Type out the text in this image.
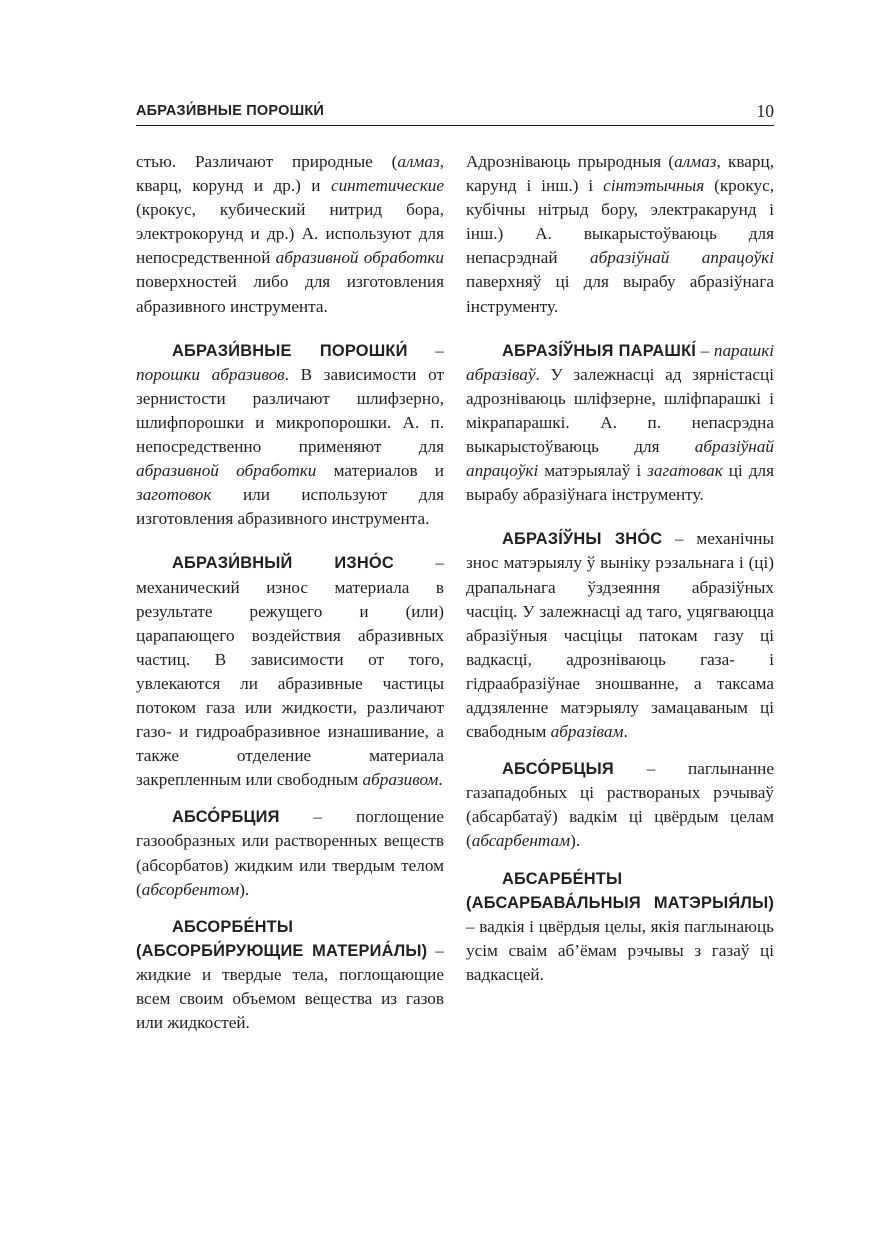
АБРАЗИ́ВНЫЕ ПОРОШКИ́	10

стью. Различают природные (алмаз, кварц, корунд и др.) и синтетические (крокус, кубический нитрид бора, электрокорунд и др.) А. используют для непосредственной абразивной обработки поверхностей либо для изготовления абразивного инструмента.

АБРАЗИ́ВНЫЕ ПОРОШКИ́ – порошки абразивов. В зависимости от зернистости различают шлифзерно, шлифпорошки и микропорошки. А. п. непосредственно применяют для абразивной обработки материалов и заготовок или используют для изготовления абразивного инструмента.

АБРАЗИ́ВНЫЙ ИЗНО́С – механический износ материала в результате режущего и (или) царапающего воздействия абразивных частиц. В зависимости от того, увлекаются ли абразивные частицы потоком газа или жидкости, различают газо- и гидроабразивное изнашивание, а также отделение материала закрепленным или свободным абразивом.

АБСО́РБЦИЯ – поглощение газообразных или растворенных веществ (абсорбатов) жидким или твердым телом (абсорбентом).

АБСОРБЕ́НТЫ (АБСОРБИ́РУЮЩИЕ МАТЕРИА́ЛЫ) – жидкие и твердые тела, поглощающие всем своим объемом вещества из газов или жидкостей.

Адрозніваюць прыродныя (алмаз, кварц, карунд і інш.) і сінтэтычныя (крокус, кубічны нітрыд бору, электракарунд і інш.) А. выкарыстоўваюць для непасрэднай абразіўнай апрацоўкі паверхняў ці для вырабу абразіўнага інструменту.

АБРАЗІ́ЎНЫЯ ПАРАШКІ́ – парашкі абразіваў. У залежнасці ад зярністасці адрозніваюць шліфзерне, шліфпарашкі і мікрапарашкі. А. п. непасрэдна выкарыстоўваюць для абразіўнай апрацоўкі матэрыялаў і загатовак ці для вырабу абразіўнага інструменту.

АБРАЗІ́ЎНЫ ЗНО́С – механічны знос матэрыялу ў выніку рэзальнага і (ці) драпальнага ўздзеяння абразіўных часціц. У залежнасці ад таго, уцягваюцца абразіўныя часціцы патокам газу ці вадкасці, адрозніваюць газа- і гідраабразіўнае зношванне, а таксама аддзяленне матэрыялу замацаваным ці свабодным абразівам.

АБСО́РБЦЫЯ – паглынанне газападобных ці раствораных рэчываў (абсарбатаў) вадкім ці цвёрдым целам (абсарбентам).

АБСАРБЕ́НТЫ (АБСАРБАВА́ЛЬНЫЯ МАТЭРЫЯ́ЛЫ) – вадкія і цвёрдыя целы, якія паглынаюць усім сваім аб’ёмам рэчывы з газаў ці вадкасцей.
